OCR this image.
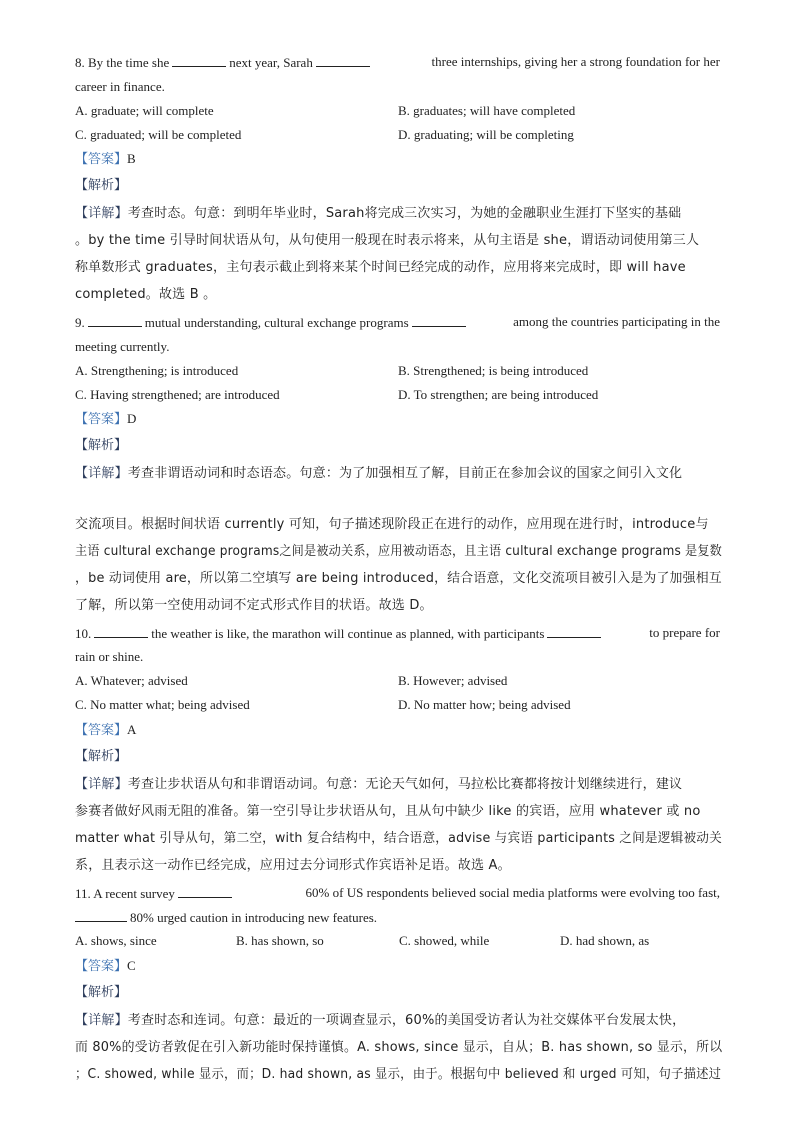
8. By the time she	next year, Sarah	three internships, giving her a strong foundation for her
career in finance.
A. graduate; will complete	B. graduates; will have completed
C. graduated; will be completed	D. graduating; will be completing
【答案】B
【解析】
【详解】考查时态。句意：到明年毕业时，Sarah将完成三次实习，为她的金融职业生涯打下坚实的基础
。by the time 引导时间状语从句，从句使用一般现在时表示将来，从句主语是 she，谓语动词使用第三人
称单数形式 graduates，主句表示截止到将来某个时间已经完成的动作，应用将来完成时，即 will have
completed。故选 B 。
9.	mutual understanding, cultural exchange programs	among the countries participating in the
meeting currently.
A. Strengthening; is introduced	B. Strengthened; is being introduced
C. Having strengthened; are introduced	D. To strengthen; are being introduced
【答案】D
【解析】
【详解】考查非谓语动词和时态语态。句意：为了加强相互了解，目前正在参加会议的国家之间引入文化
交流项目。根据时间状语 currently 可知，句子描述现阶段正在进行的动作，应用现在进行时，introduce与
主语 cultural exchange programs之间是被动关系，应用被动语态，且主语 cultural exchange programs 是复数
，be 动词使用 are，所以第二空填写 are being introduced，结合语意，文化交流项目被引入是为了加强相互
了解，所以第一空使用动词不定式形式作目的状语。故选 D。
10.	the weather is like, the marathon will continue as planned, with participants	to prepare for
rain or shine.
A. Whatever; advised	B. However; advised
C. No matter what; being advised	D. No matter how; being advised
【答案】A
【解析】
【详解】考查让步状语从句和非谓语动词。句意：无论天气如何，马拉松比赛都将按计划继续进行，建议
参赛者做好风雨无阻的准备。第一空引导让步状语从句，且从句中缺少 like 的宾语，应用 whatever 或 no
matter what 引导从句，第二空，with 复合结构中，结合语意，advise 与宾语 participants 之间是逻辑被动关
系，且表示这一动作已经完成，应用过去分词形式作宾语补足语。故选 A。
11. A recent survey	60% of US respondents believed social media platforms were evolving too fast,
80% urged caution in introducing new features.
A. shows, since	B. has shown, so	C. showed, while	D. had shown, as
【答案】C
【解析】
【详解】考查时态和连词。句意：最近的一项调查显示，60%的美国受访者认为社交媒体平台发展太快，
而 80%的受访者敦促在引入新功能时保持谨慎。A. shows, since 显示，自从；B. has shown, so 显示，所以
；C. showed, while 显示，而；D. had shown, as 显示，由于。根据句中 believed 和 urged 可知，句子描述过
